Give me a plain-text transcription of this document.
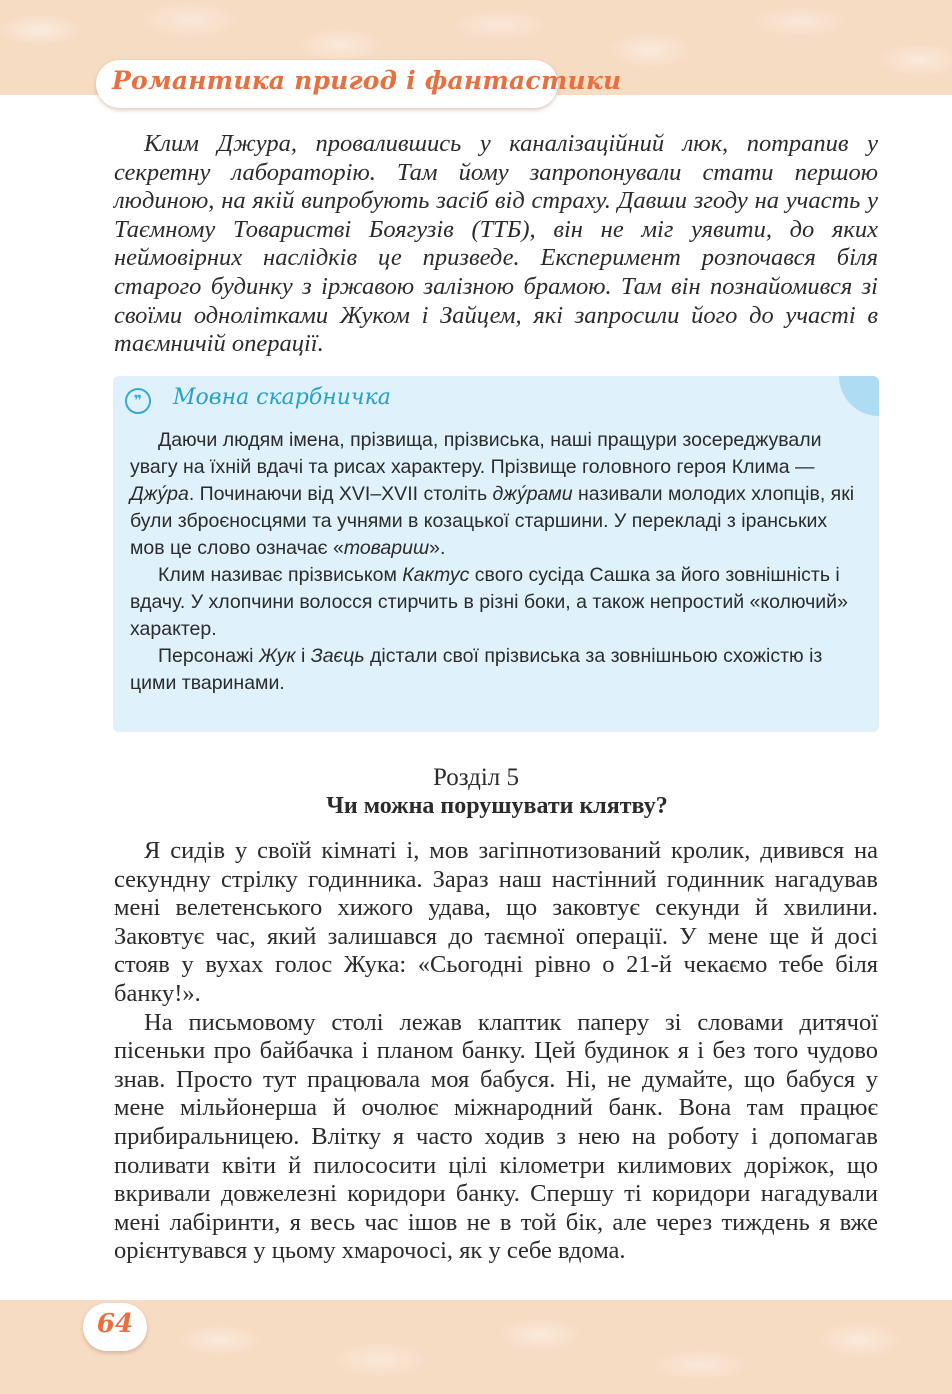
Романтика пригод і фантастики

Клим Джура, провалившись у каналізаційний люк, потрапив у секретну лабораторію. Там йому запропонували стати першою людиною, на якій випробують засіб від страху. Давши згоду на участь у Таємному Товаристві Боягузів (ТТБ), він не міг уявити, до яких неймовірних наслідків це призведе. Експеримент розпочався біля старого будинку з іржавою залізною брамою. Там він познайомився зі своїми однолітками Жуком і Зайцем, які запросили його до участі в таємничій операції.

❞	Мовна скарбничка

Даючи людям імена, прізвища, прізвиська, наші пращури зосереджували увагу на їхній вдачі та рисах характеру. Прізвище головного героя Клима — Джу́ра. Починаючи від XVI–XVII століть джу́рами називали молодих хлопців, які були зброєносцями та учнями в козацької старшини. У перекладі з іранських мов це слово означає «товариш».

Клим називає прізвиськом Кактус свого сусіда Сашка за його зовнішність і вдачу. У хлопчини волосся стирчить в різні боки, а також непростий «колючий» характер.

Персонажі Жук і Заєць дістали свої прізвиська за зовнішньою схожістю із цими тваринами.

Розділ 5
Чи можна порушувати клятву?

Я сидів у своїй кімнаті і, мов загіпнотизований кролик, дивився на секундну стрілку годинника. Зараз наш настінний годинник нагадував мені велетенського хижого удава, що заковтує секунди й хвилини. Заковтує час, який залишався до таємної операції. У мене ще й досі стояв у вухах голос Жука: «Сьогодні рівно о 21-й чекаємо тебе біля банку!».

На письмовому столі лежав клаптик паперу зі словами дитячої пісеньки про байбачка і планом банку. Цей будинок я і без того чудово знав. Просто тут працювала моя бабуся. Ні, не думайте, що бабуся у мене мільйонерша й очолює міжнародний банк. Вона там працює прибиральницею. Влітку я часто ходив з нею на роботу і допомагав поливати квіти й пилососити цілі кілометри килимових доріжок, що вкривали довжелезні коридори банку. Спершу ті коридори нагадували мені лабіринти, я весь час ішов не в той бік, але через тиждень я вже орієнтувався у цьому хмарочосі, як у себе вдома.

64
